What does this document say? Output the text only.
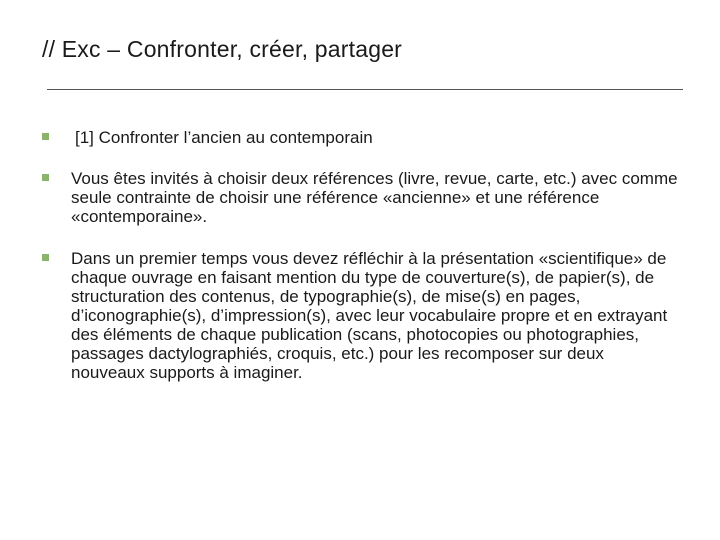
// Exc – Confronter, créer, partager
[1] Confronter l’ancien au contemporain
Vous êtes invités à choisir deux références (livre, revue, carte, etc.) avec comme seule contrainte de choisir une référence «ancienne» et une référence «contemporaine».
Dans un premier temps vous devez réfléchir à la présentation «scientifique» de chaque ouvrage en faisant mention du type de couverture(s), de papier(s), de structuration des contenus, de typographie(s), de mise(s) en pages, d’iconographie(s), d’impression(s), avec leur vocabulaire propre et en extrayant des éléments de chaque publication (scans, photocopies ou photographies, passages dactylographiés, croquis, etc.) pour les recomposer sur deux nouveaux supports à imaginer.
